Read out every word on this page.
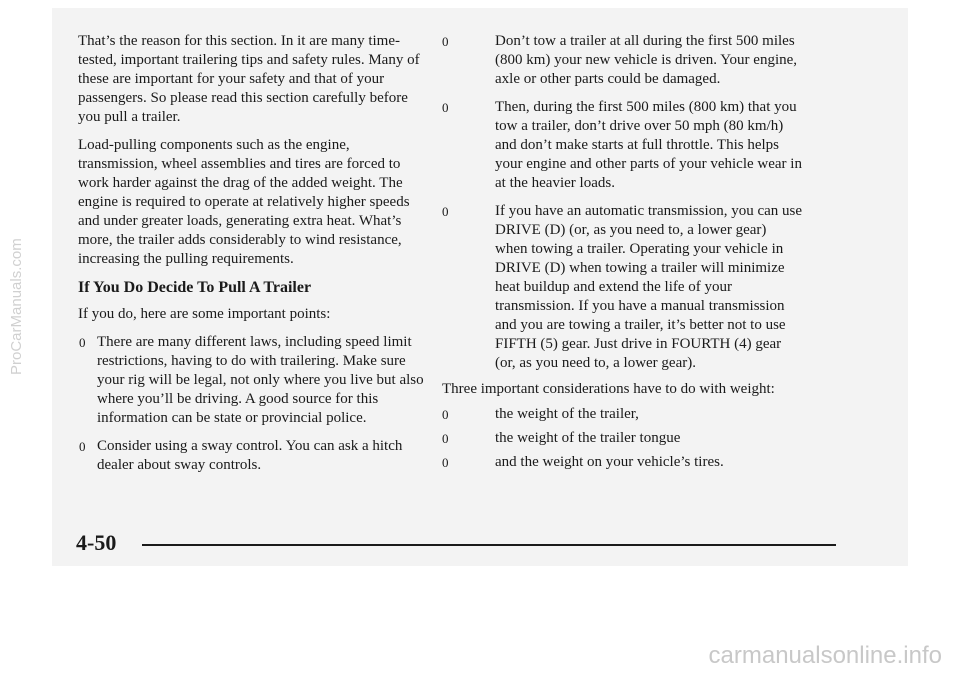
That’s the reason for this section. In it are many time-tested, important trailering tips and safety rules. Many of these are important for your safety and that of your passengers. So please read this section carefully before you pull a trailer.

Load-pulling components such as the engine, transmission, wheel assemblies and tires are forced to work harder against the drag of the added weight. The engine is required to operate at relatively higher speeds and under greater loads, generating extra heat. What’s more, the trailer adds considerably to wind resistance, increasing the pulling requirements.

If You Do Decide To Pull A Trailer

If you do, here are some important points:

0 There are many different laws, including speed limit restrictions, having to do with trailering. Make sure your rig will be legal, not only where you live but also where you’ll be driving. A good source for this information can be state or provincial police.
0 Consider using a sway control. You can ask a hitch dealer about sway controls.
0	Don’t tow a trailer at all during the first 500 miles (800 km) your new vehicle is driven. Your engine, axle or other parts could be damaged.
0	Then, during the first 500 miles (800 km) that you tow a trailer, don’t drive over 50 mph (80 km/h) and don’t make starts at full throttle. This helps your engine and other parts of your vehicle wear in at the heavier loads.
0	If you have an automatic transmission, you can use DRIVE (D) (or, as you need to, a lower gear) when towing a trailer. Operating your vehicle in DRIVE (D) when towing a trailer will minimize heat buildup and extend the life of your transmission. If you have a manual transmission and you are towing a trailer, it’s better not to use FIFTH (5) gear. Just drive in FOURTH (4) gear (or, as you need to, a lower gear).

Three important considerations have to do with weight:

0	the weight of the trailer,
0	the weight of the trailer tongue
0	and the weight on your vehicle’s tires.
4-50
ProCarManuals.com
carmanualsonline.info
